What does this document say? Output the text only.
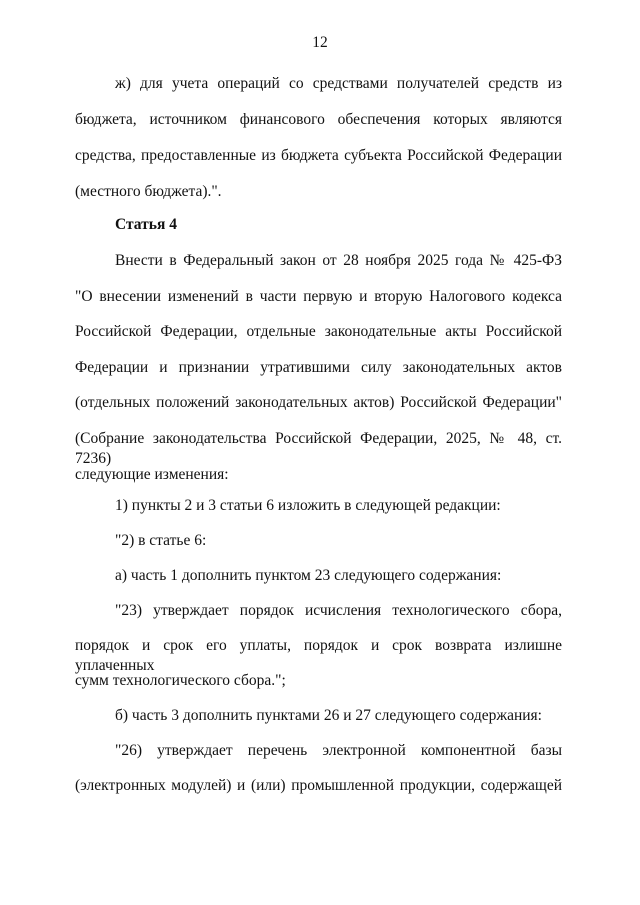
12
ж) для учета операций со средствами получателей средств из
бюджета, источником финансового обеспечения которых являются
средства, предоставленные из бюджета субъекта Российской Федерации
(местного бюджета).".
Статья 4
Внести в Федеральный закон от 28 ноября 2025 года № 425-ФЗ
"О внесении изменений в части первую и вторую Налогового кодекса
Российской Федерации, отдельные законодательные акты Российской
Федерации и признании утратившими силу законодательных актов
(отдельных положений законодательных актов) Российской Федерации"
(Собрание законодательства Российской Федерации, 2025, № 48, ст. 7236)
следующие изменения:
1) пункты 2 и 3 статьи 6 изложить в следующей редакции:
"2) в статье 6:
а) часть 1 дополнить пунктом 23 следующего содержания:
"23) утверждает порядок исчисления технологического сбора,
порядок и срок его уплаты, порядок и срок возврата излишне уплаченных
сумм технологического сбора.";
б) часть 3 дополнить пунктами 26 и 27 следующего содержания:
"26) утверждает перечень электронной компонентной базы
(электронных модулей) и (или) промышленной продукции, содержащей
